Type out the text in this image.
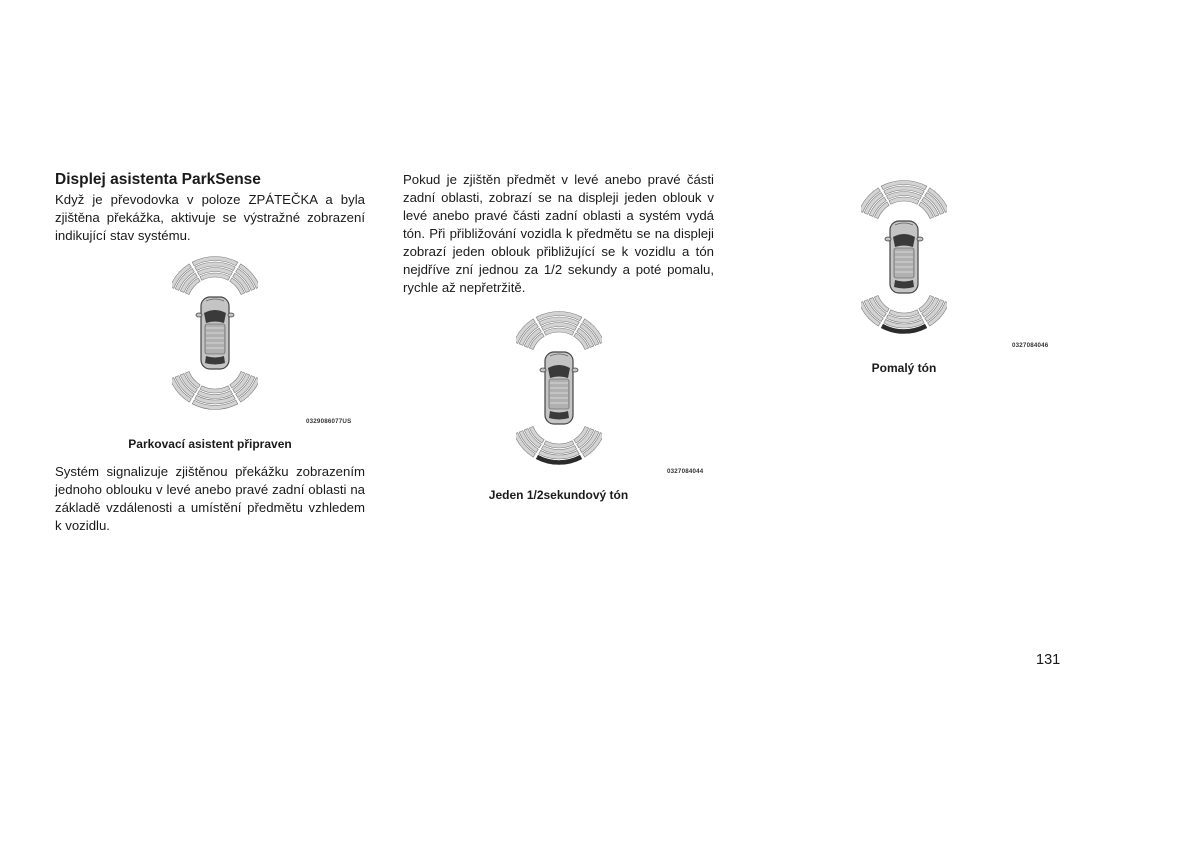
Displej asistenta ParkSense

Když je převodovka v poloze ZPÁTEČKA a byla zjištěna překážka, aktivuje se výstražné zobrazení indikující stav systému.

Pokud je zjištěn předmět v levé anebo pravé části zadní oblasti, zobrazí se na displeji jeden oblouk v levé anebo pravé části zadní oblasti a systém vydá tón. Při přibližování vozidla k předmětu se na displeji zobrazí jeden oblouk přibližující se k vozidlu a tón nejdříve zní jednou za 1/2 sekundy a poté pomalu, rychle až nepřetržitě.

Systém signalizuje zjištěnou překážku zobrazením jednoho oblouku v levé anebo pravé zadní oblasti na základě vzdálenosti a umístění předmětu vzhledem k vozidlu.

0329086077US

Parkovací asistent připraven

0327084044

Jeden 1/2sekundový tón

0327084046

Pomalý tón

131
